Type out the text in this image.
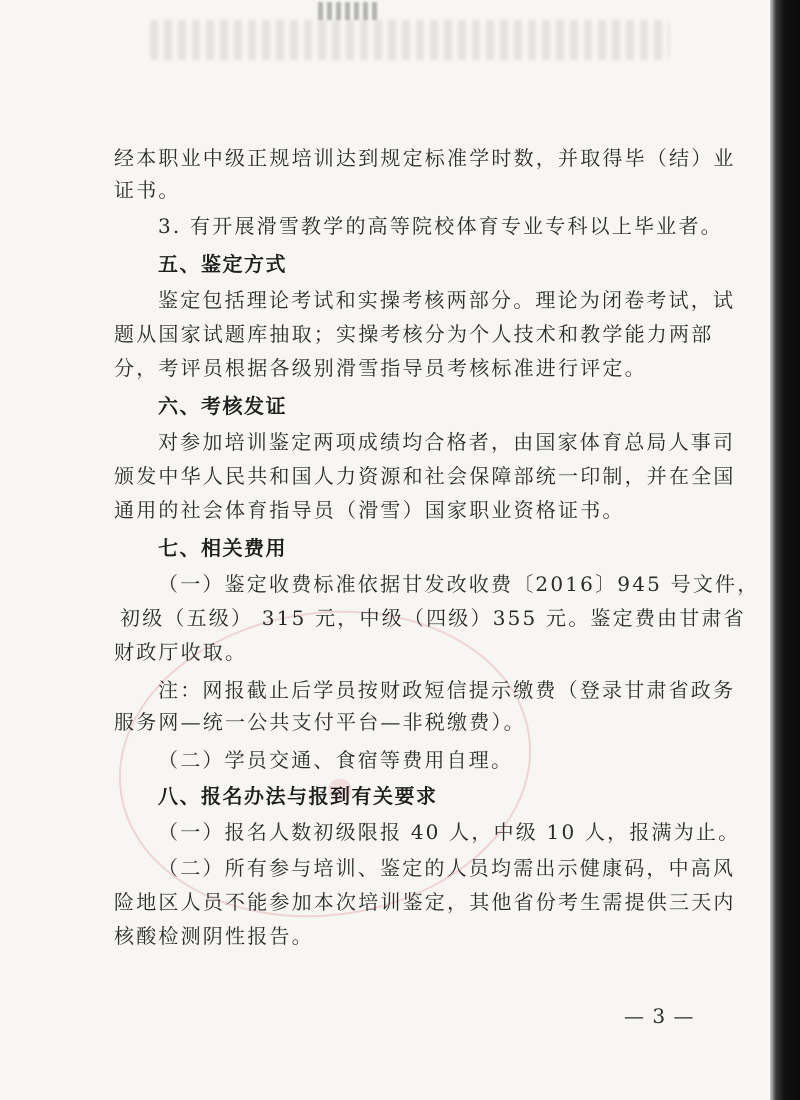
经本职业中级正规培训达到规定标准学时数，并取得毕（结）业
证书。
3. 有开展滑雪教学的高等院校体育专业专科以上毕业者。
五、鉴定方式
鉴定包括理论考试和实操考核两部分。理论为闭卷考试，试
题从国家试题库抽取；实操考核分为个人技术和教学能力两部
分，考评员根据各级别滑雪指导员考核标准进行评定。
六、考核发证
对参加培训鉴定两项成绩均合格者，由国家体育总局人事司
颁发中华人民共和国人力资源和社会保障部统一印制，并在全国
通用的社会体育指导员（滑雪）国家职业资格证书。
七、相关费用
（一）鉴定收费标准依据甘发改收费〔2016〕945 号文件，
初级（五级） 315 元，中级（四级）355 元。鉴定费由甘肃省
财政厅收取。
注：网报截止后学员按财政短信提示缴费（登录甘肃省政务
服务网—统一公共支付平台—非税缴费）。
（二）学员交通、食宿等费用自理。
八、报名办法与报到有关要求
（一）报名人数初级限报 40 人，中级 10 人，报满为止。
（二）所有参与培训、鉴定的人员均需出示健康码，中高风
险地区人员不能参加本次培训鉴定，其他省份考生需提供三天内
核酸检测阴性报告。
— 3 —
